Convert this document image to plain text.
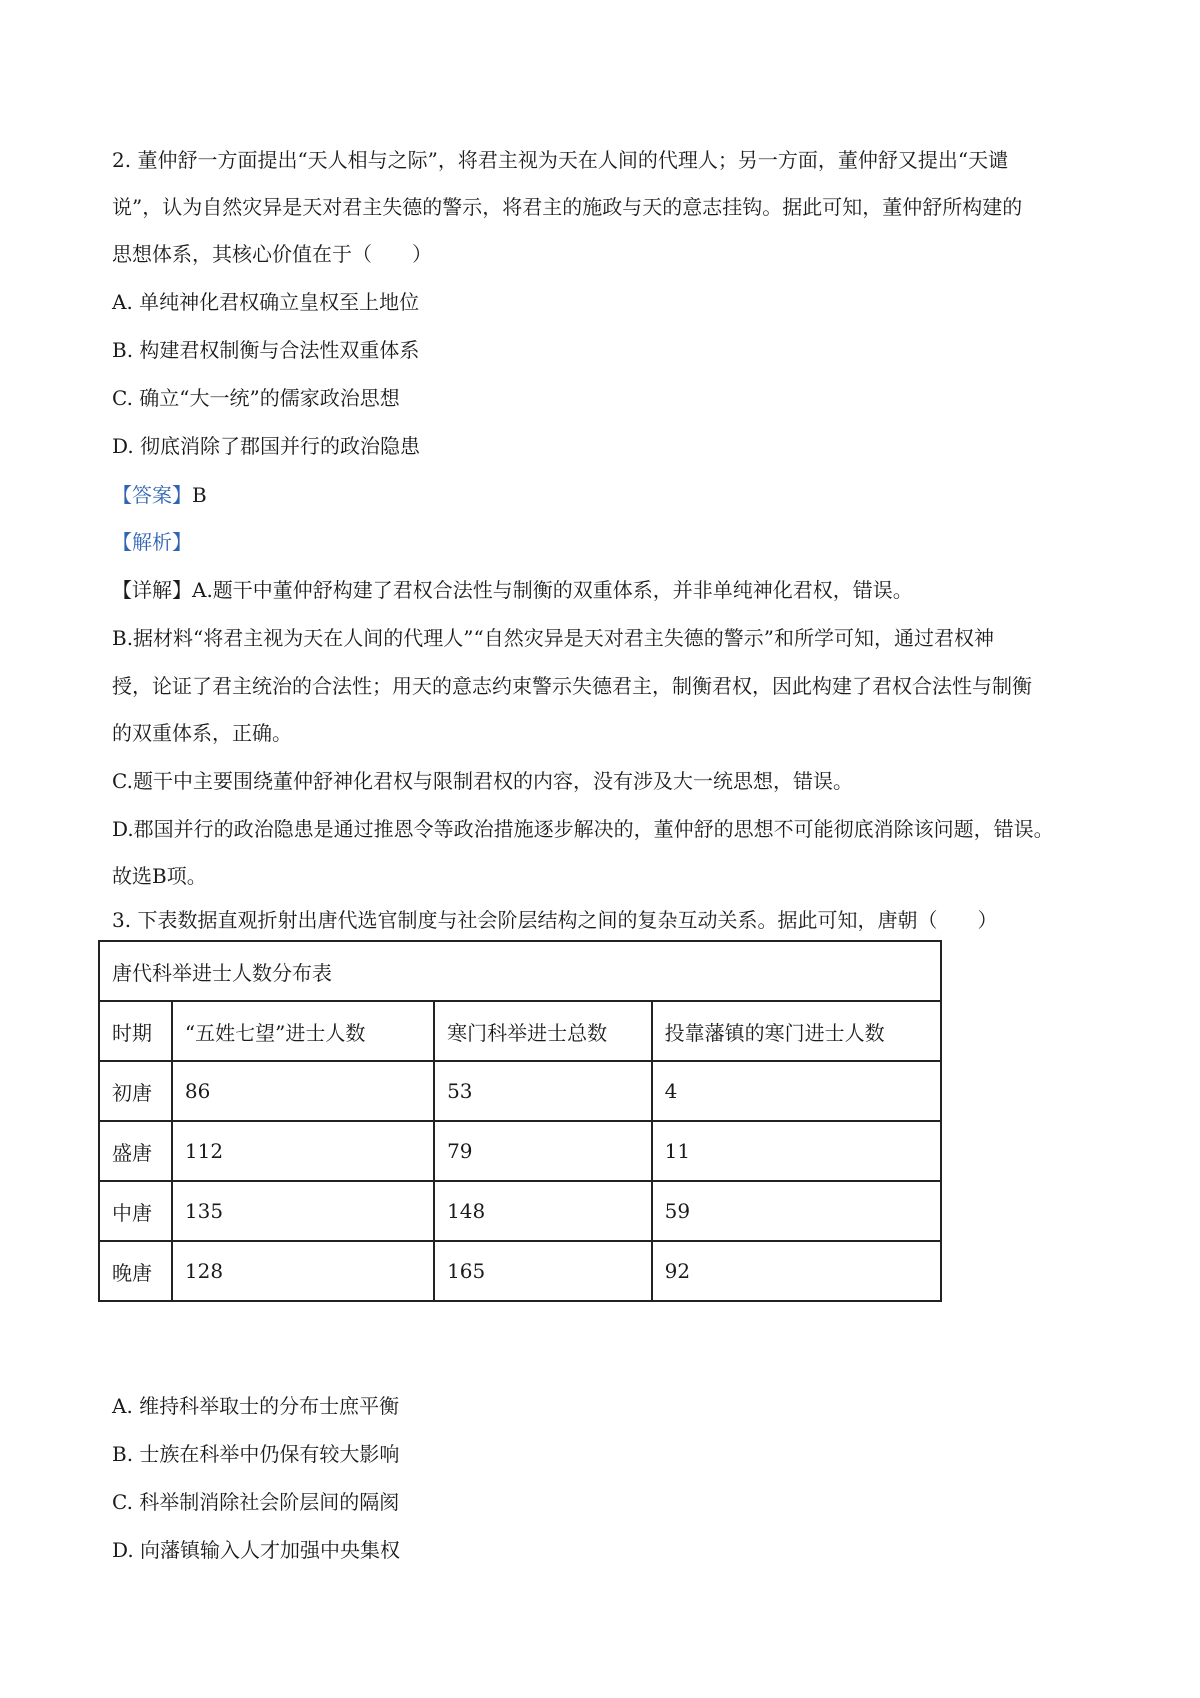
2. 董仲舒一方面提出“天人相与之际”，将君主视为天在人间的代理人；另一方面，董仲舒又提出“天谴
说”，认为自然灾异是天对君主失德的警示，将君主的施政与天的意志挂钩。据此可知，董仲舒所构建的
思想体系，其核心价值在于（　　）
A. 单纯神化君权确立皇权至上地位
B. 构建君权制衡与合法性双重体系
C. 确立“大一统”的儒家政治思想
D. 彻底消除了郡国并行的政治隐患
【答案】B
【解析】
【详解】A.题干中董仲舒构建了君权合法性与制衡的双重体系，并非单纯神化君权，错误。
B.据材料“将君主视为天在人间的代理人”“自然灾异是天对君主失德的警示”和所学可知，通过君权神
授，论证了君主统治的合法性；用天的意志约束警示失德君主，制衡君权，因此构建了君权合法性与制衡
的双重体系，正确。
C.题干中主要围绕董仲舒神化君权与限制君权的内容，没有涉及大一统思想，错误。
D.郡国并行的政治隐患是通过推恩令等政治措施逐步解决的，董仲舒的思想不可能彻底消除该问题，错误。
故选B项。
3. 下表数据直观折射出唐代选官制度与社会阶层结构之间的复杂互动关系。据此可知，唐朝（　　）
唐代科举进士人数分布表			
时期	“五姓七望”进士人数	寒门科举进士总数	投靠藩镇的寒门进士人数
初唐	86	53	4
盛唐	112	79	11
中唐	135	148	59
晚唐	128	165	92
A. 维持科举取士的分布士庶平衡
B. 士族在科举中仍保有较大影响
C. 科举制消除社会阶层间的隔阂
D. 向藩镇输入人才加强中央集权
